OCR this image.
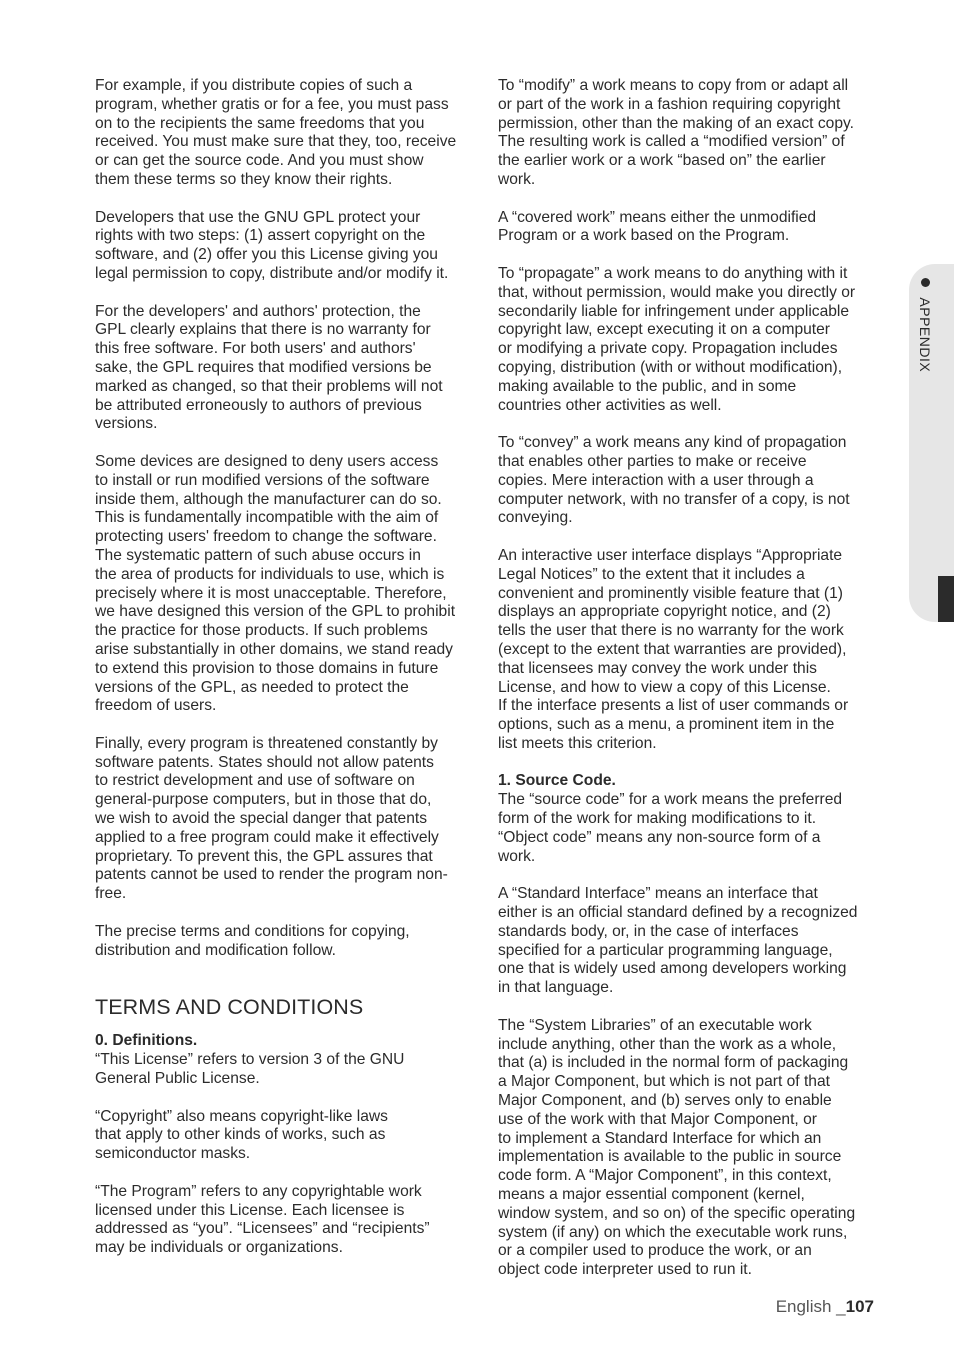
For example, if you distribute copies of such a
program, whether gratis or for a fee, you must pass
on to the recipients the same freedoms that you
received. You must make sure that they, too, receive
or can get the source code. And you must show
them these terms so they know their rights.

Developers that use the GNU GPL protect your
rights with two steps: (1) assert copyright on the
software, and (2) offer you this License giving you
legal permission to copy, distribute and/or modify it.

For the developers' and authors' protection, the
GPL clearly explains that there is no warranty for
this free software. For both users' and authors'
sake, the GPL requires that modified versions be
marked as changed, so that their problems will not
be attributed erroneously to authors of previous
versions.

Some devices are designed to deny users access
to install or run modified versions of the software
inside them, although the manufacturer can do so.
This is fundamentally incompatible with the aim of
protecting users' freedom to change the software.
The systematic pattern of such abuse occurs in
the area of products for individuals to use, which is
precisely where it is most unacceptable. Therefore,
we have designed this version of the GPL to prohibit
the practice for those products. If such problems
arise substantially in other domains, we stand ready
to extend this provision to those domains in future
versions of the GPL, as needed to protect the
freedom of users.

Finally, every program is threatened constantly by
software patents. States should not allow patents
to restrict development and use of software on
general-purpose computers, but in those that do,
we wish to avoid the special danger that patents
applied to a free program could make it effectively
proprietary. To prevent this, the GPL assures that
patents cannot be used to render the program non-
free.

The precise terms and conditions for copying,
distribution and modification follow.

TERMS AND CONDITIONS
0. Definitions.

“This License” refers to version 3 of the GNU
General Public License.

“Copyright” also means copyright-like laws
that apply to other kinds of works, such as
semiconductor masks.

“The Program” refers to any copyrightable work
licensed under this License. Each licensee is
addressed as “you”. “Licensees” and “recipients”
may be individuals or organizations.

To “modify” a work means to copy from or adapt all
or part of the work in a fashion requiring copyright
permission, other than the making of an exact copy.
The resulting work is called a “modified version” of
the earlier work or a work “based on” the earlier
work.

A “covered work” means either the unmodified
Program or a work based on the Program.

To “propagate” a work means to do anything with it
that, without permission, would make you directly or
secondarily liable for infringement under applicable
copyright law, except executing it on a computer
or modifying a private copy. Propagation includes
copying, distribution (with or without modification),
making available to the public, and in some
countries other activities as well.

To “convey” a work means any kind of propagation
that enables other parties to make or receive
copies. Mere interaction with a user through a
computer network, with no transfer of a copy, is not
conveying.

An interactive user interface displays “Appropriate
Legal Notices” to the extent that it includes a
convenient and prominently visible feature that (1)
displays an appropriate copyright notice, and (2)
tells the user that there is no warranty for the work
(except to the extent that warranties are provided),
that licensees may convey the work under this
License, and how to view a copy of this License.
If the interface presents a list of user commands or
options, such as a menu, a prominent item in the
list meets this criterion.

1. Source Code.

The “source code” for a work means the preferred
form of the work for making modifications to it.
“Object code” means any non-source form of a
work.

A “Standard Interface” means an interface that
either is an official standard defined by a recognized
standards body, or, in the case of interfaces
specified for a particular programming language,
one that is widely used among developers working
in that language.

The “System Libraries” of an executable work
include anything, other than the work as a whole,
that (a) is included in the normal form of packaging
a Major Component, but which is not part of that
Major Component, and (b) serves only to enable
use of the work with that Major Component, or
to implement a Standard Interface for which an
implementation is available to the public in source
code form. A “Major Component”, in this context,
means a major essential component (kernel,
window system, and so on) of the specific operating
system (if any) on which the executable work runs,
or a compiler used to produce the work, or an
object code interpreter used to run it.

APPENDIX
English _107
